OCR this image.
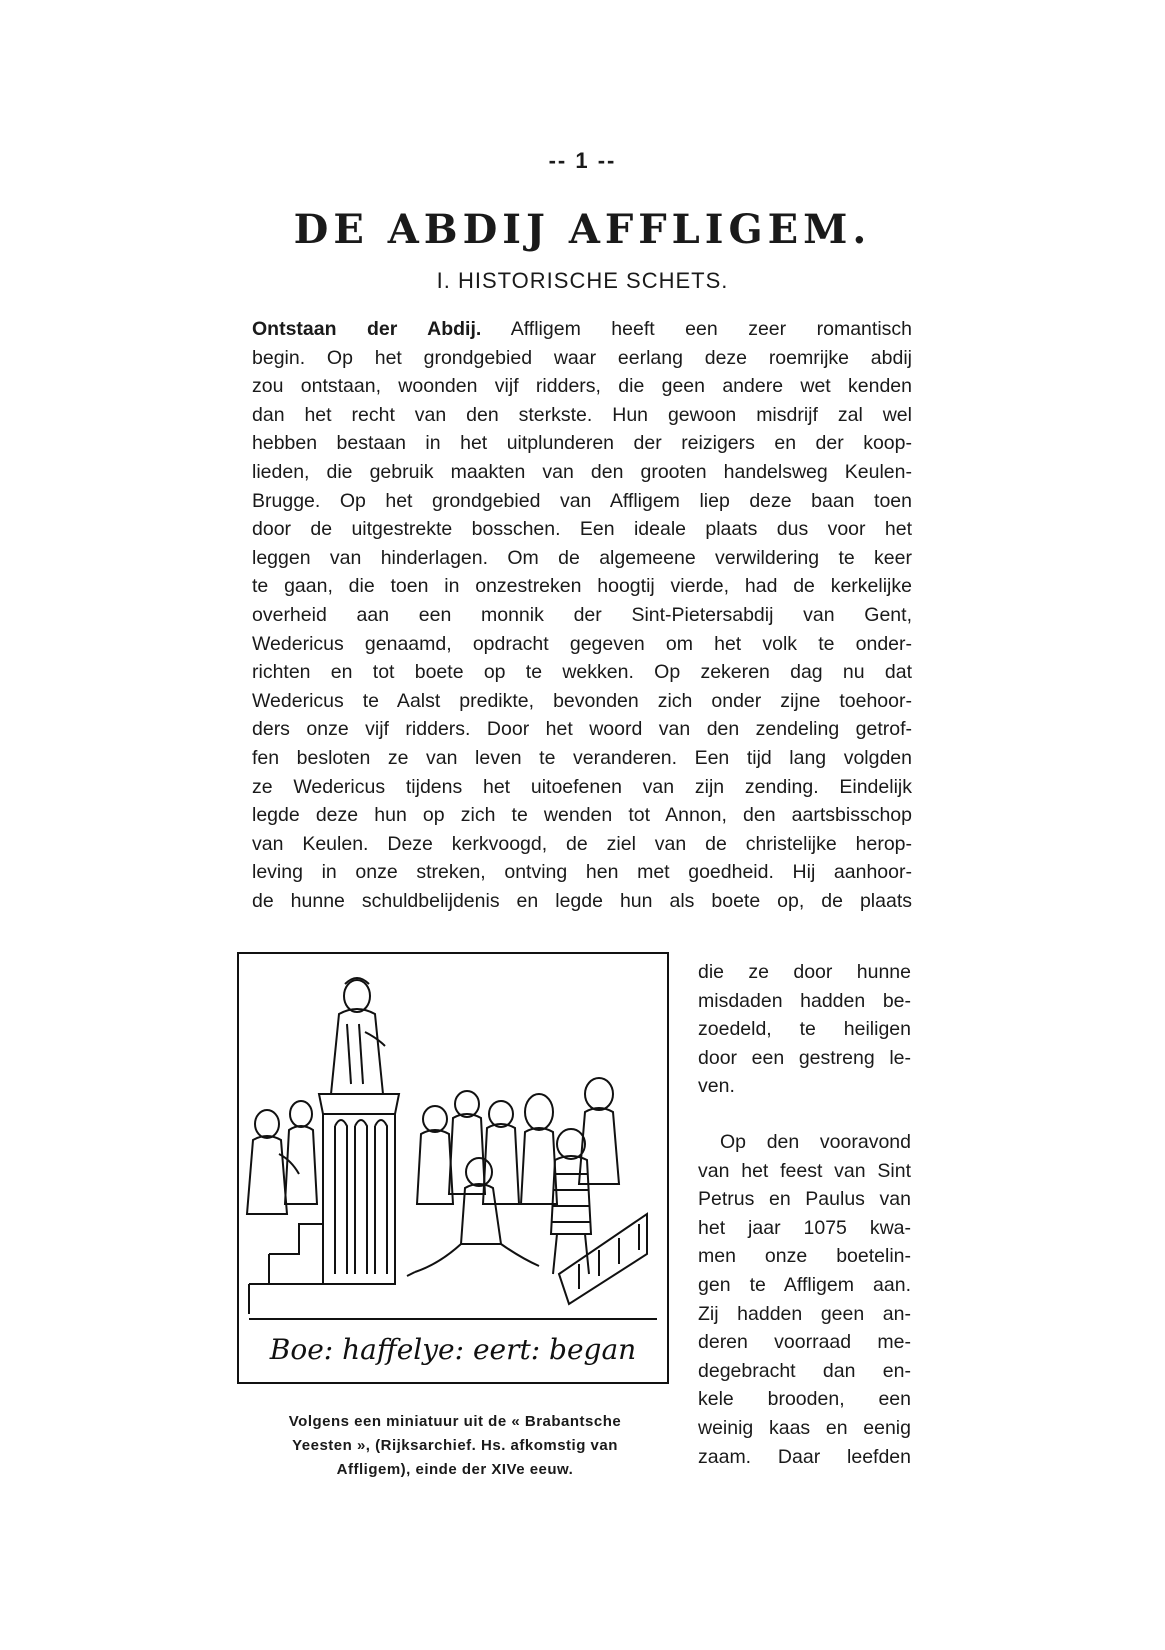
-- 1 --
DE ABDIJ AFFLIGEM.
I. HISTORISCHE SCHETS.
Ontstaan der Abdij. Affligem heeft een zeer romantisch
begin. Op het grondgebied waar eerlang deze roemrijke abdij
zou ontstaan, woonden vijf ridders, die geen andere wet kenden
dan het recht van den sterkste. Hun gewoon misdrijf zal wel
hebben bestaan in het uitplunderen der reizigers en der koop-
lieden, die gebruik maakten van den grooten handelsweg Keulen-
Brugge. Op het grondgebied van Affligem liep deze baan toen
door de uitgestrekte bosschen. Een ideale plaats dus voor het
leggen van hinderlagen. Om de algemeene verwildering te keer
te gaan, die toen in onzestreken hoogtij vierde, had de kerkelijke
overheid aan een monnik der Sint-Pietersabdij van Gent,
Wedericus genaamd, opdracht gegeven om het volk te onder-
richten en tot boete op te wekken. Op zekeren dag nu dat
Wedericus te Aalst predikte, bevonden zich onder zijne toehoor-
ders onze vijf ridders. Door het woord van den zendeling getrof-
fen besloten ze van leven te veranderen. Een tijd lang volgden
ze Wedericus tijdens het uitoefenen van zijn zending. Eindelijk
legde deze hun op zich te wenden tot Annon, den aartsbisschop
van Keulen. Deze kerkvoogd, de ziel van de christelijke herop-
leving in onze streken, ontving hen met goedheid. Hij aanhoor-
de hunne schuldbelijdenis en legde hun als boete op, de plaats
Boe: haffelye: eert: began
Volgens een miniatuur uit de « Brabantsche
Yeesten », (Rijksarchief. Hs. afkomstig van
Affligem), einde der XIVe eeuw.
die ze door hunne
misdaden hadden be-
zoedeld, te heiligen
door een gestreng le-
ven.
Op den vooravond
van het feest van Sint
Petrus en Paulus van
het jaar 1075 kwa-
men onze boetelin-
gen te Affligem aan.
Zij hadden geen an-
deren voorraad me-
degebracht dan en-
kele brooden, een
weinig kaas en eenig
zaam. Daar leefden
